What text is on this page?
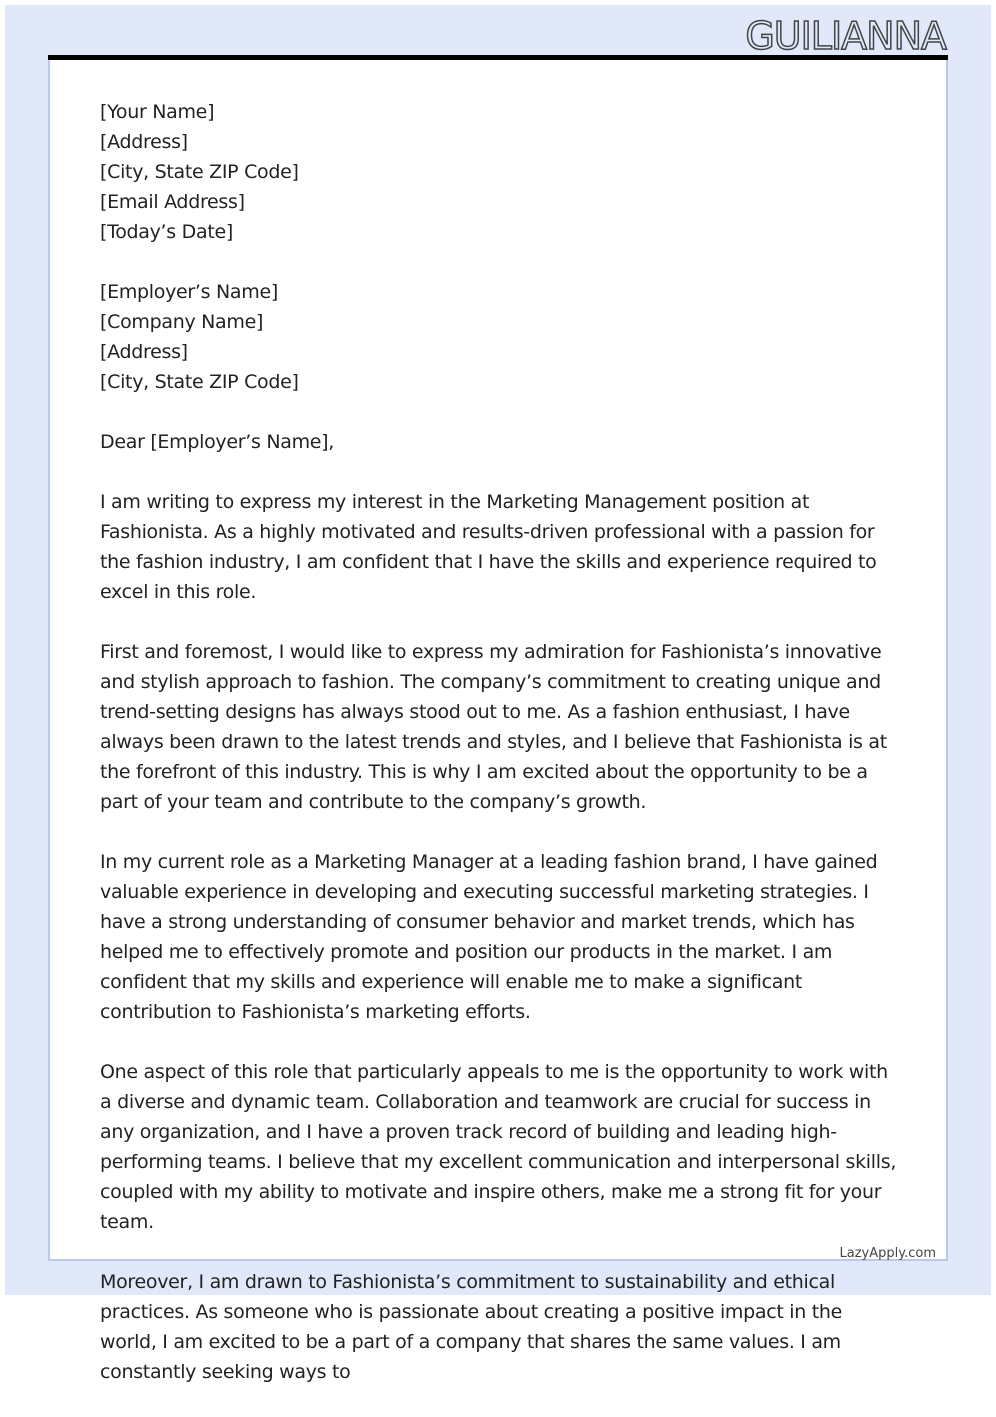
GUILIANNA
[Your Name]
[Address]
[City, State ZIP Code]
[Email Address]
[Today’s Date]
[Employer’s Name]
[Company Name]
[Address]
[City, State ZIP Code]
Dear [Employer’s Name],

I am writing to express my interest in the Marketing Management position at Fashionista. As a highly motivated and results-driven professional with a passion for the fashion industry, I am confident that I have the skills and experience required to excel in this role.

First and foremost, I would like to express my admiration for Fashionista’s innovative and stylish approach to fashion. The company’s commitment to creating unique and trend-setting designs has always stood out to me. As a fashion enthusiast, I have always been drawn to the latest trends and styles, and I believe that Fashionista is at the forefront of this industry. This is why I am excited about the opportunity to be a part of your team and contribute to the company’s growth.

In my current role as a Marketing Manager at a leading fashion brand, I have gained valuable experience in developing and executing successful marketing strategies. I have a strong understanding of consumer behavior and market trends, which has helped me to effectively promote and position our products in the market. I am confident that my skills and experience will enable me to make a significant contribution to Fashionista’s marketing efforts.

One aspect of this role that particularly appeals to me is the opportunity to work with a diverse and dynamic team. Collaboration and teamwork are crucial for success in any organization, and I have a proven track record of building and leading high-performing teams. I believe that my excellent communication and interpersonal skills, coupled with my ability to motivate and inspire others, make me a strong fit for your team.

Moreover, I am drawn to Fashionista’s commitment to sustainability and ethical practices. As someone who is passionate about creating a positive impact in the world, I am excited to be a part of a company that shares the same values. I am constantly seeking ways to

LazyApply.com
